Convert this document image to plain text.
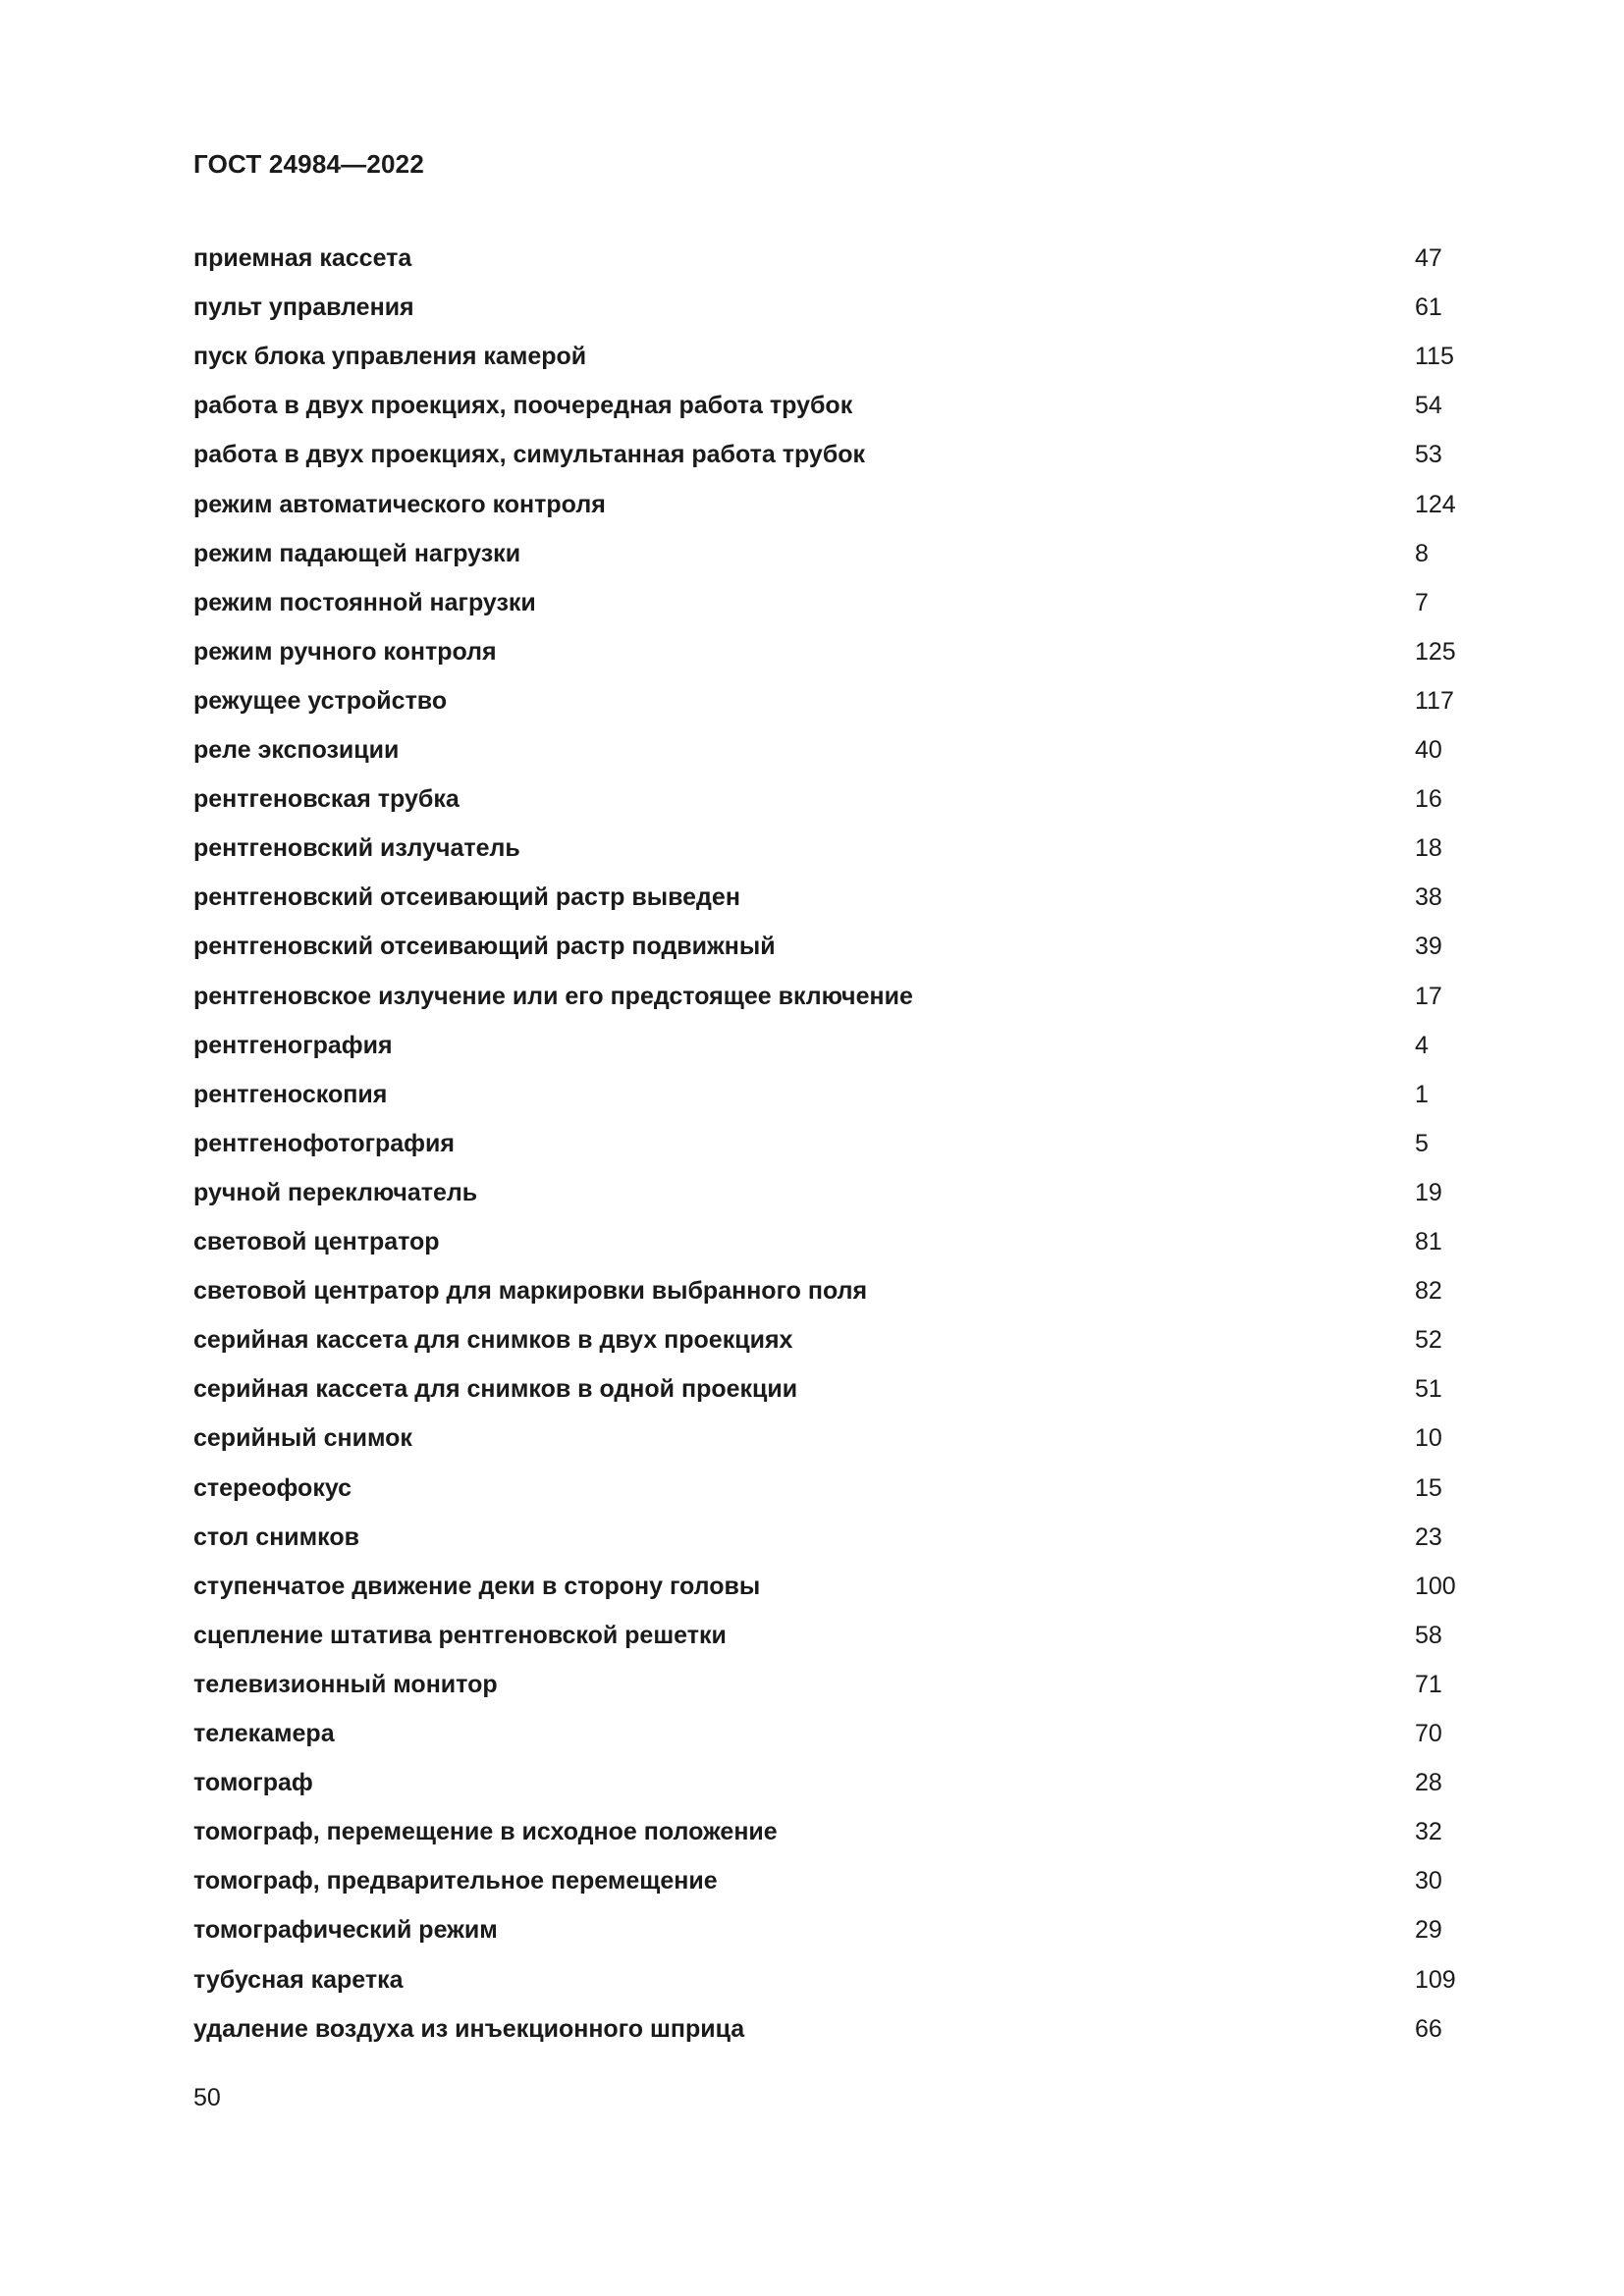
ГОСТ 24984—2022
приемная кассета	47
пульт управления	61
пуск блока управления камерой	115
работа в двух проекциях, поочередная работа трубок	54
работа в двух проекциях, симультанная работа трубок	53
режим автоматического контроля	124
режим падающей нагрузки	8
режим постоянной нагрузки	7
режим ручного контроля	125
режущее устройство	117
реле экспозиции	40
рентгеновская трубка	16
рентгеновский излучатель	18
рентгеновский отсеивающий растр выведен	38
рентгеновский отсеивающий растр подвижный	39
рентгеновское излучение или его предстоящее включение	17
рентгенография	4
рентгеноскопия	1
рентгенофотография	5
ручной переключатель	19
световой центратор	81
световой центратор для маркировки выбранного поля	82
серийная кассета для снимков в двух проекциях	52
серийная кассета для снимков в одной проекции	51
серийный снимок	10
стереофокус	15
стол снимков	23
ступенчатое движение деки в сторону головы	100
сцепление штатива рентгеновской решетки	58
телевизионный монитор	71
телекамера	70
томограф	28
томограф, перемещение в исходное положение	32
томограф, предварительное перемещение	30
томографический режим	29
тубусная каретка	109
удаление воздуха из инъекционного шприца	66
50
